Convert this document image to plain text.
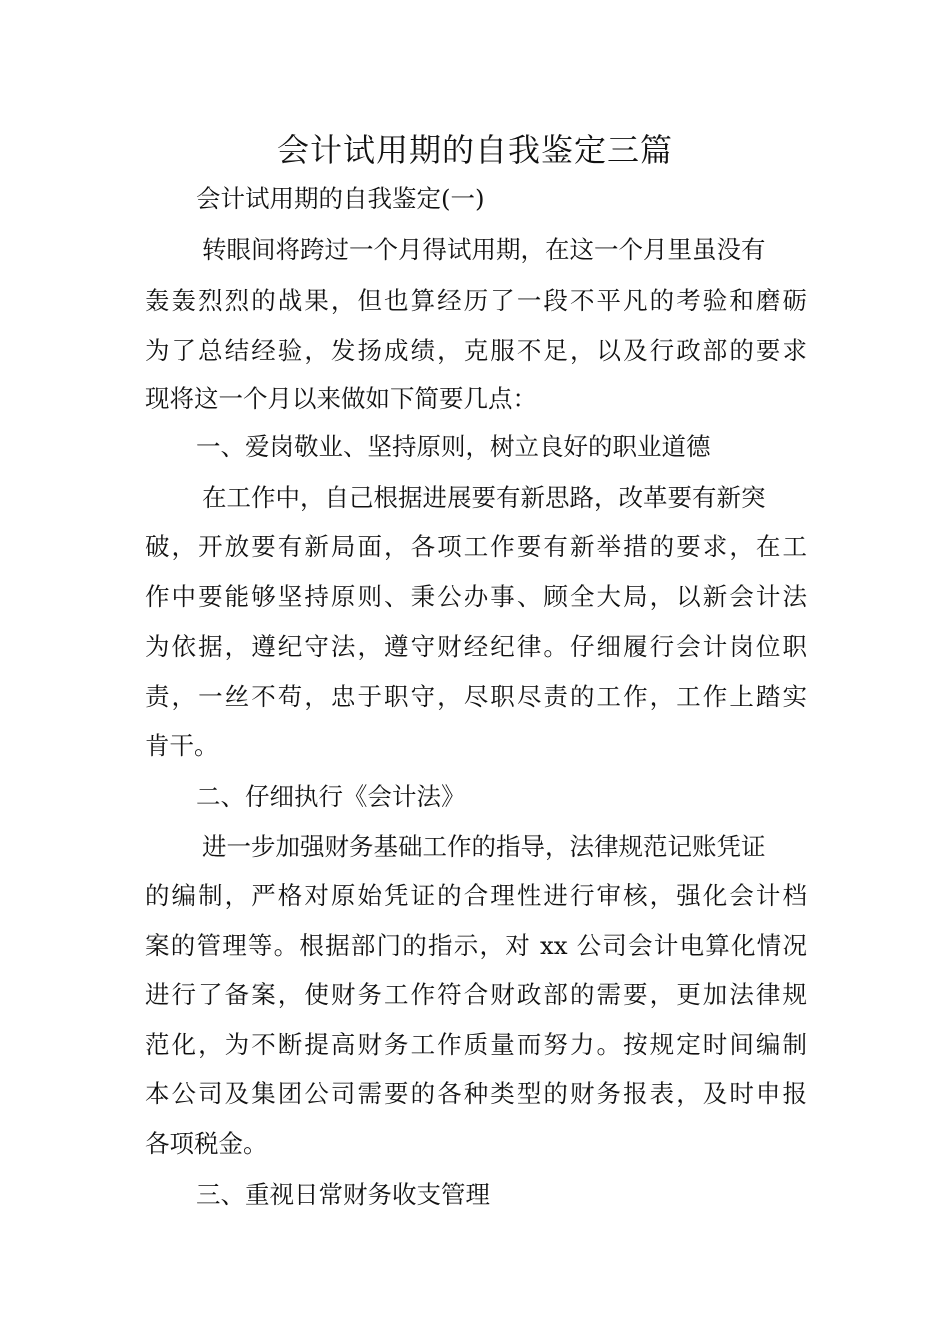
会计试用期的自我鉴定三篇

会计试用期的自我鉴定(一)

转眼间将跨过一个月得试用期，在这一个月里虽没有

轰轰烈烈的战果，但也算经历了一段不平凡的考验和磨砺

为了总结经验，发扬成绩，克服不足，以及行政部的要求

现将这一个月以来做如下简要几点：

一、爱岗敬业、坚持原则，树立良好的职业道德

在工作中，自己根据进展要有新思路，改革要有新突

破，开放要有新局面，各项工作要有新举措的要求，在工

作中要能够坚持原则、秉公办事、顾全大局，以新会计法

为依据，遵纪守法，遵守财经纪律。仔细履行会计岗位职

责，一丝不苟，忠于职守，尽职尽责的工作，工作上踏实

肯干。

二、仔细执行《会计法》

进一步加强财务基础工作的指导，法律规范记账凭证

的编制，严格对原始凭证的合理性进行审核，强化会计档

案的管理等。根据部门的指示，对 xx 公司会计电算化情况

进行了备案，使财务工作符合财政部的需要，更加法律规

范化，为不断提高财务工作质量而努力。按规定时间编制

本公司及集团公司需要的各种类型的财务报表，及时申报

各项税金。

三、重视日常财务收支管理
